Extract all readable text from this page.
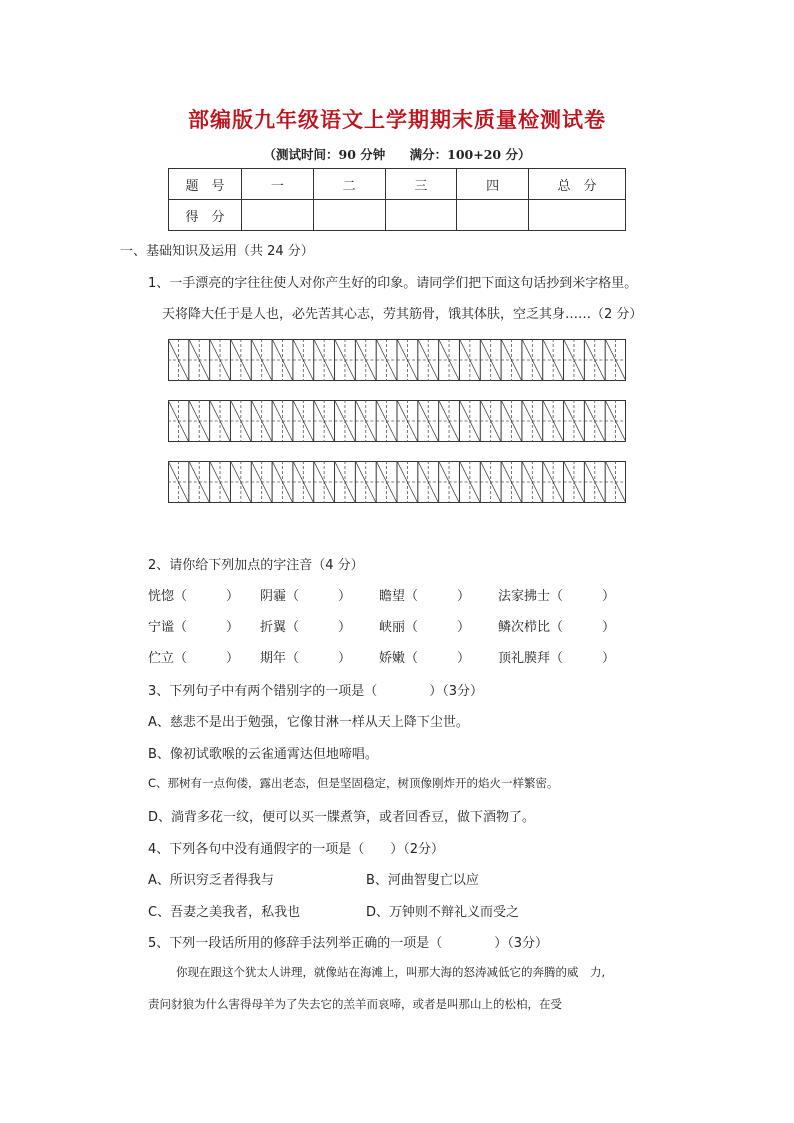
部编版九年级语文上学期期末质量检测试卷
（测试时间：90 分钟 满分：100+20 分）
题　号	一	二	三	四	总　分
得　分					
一、基础知识及运用（共 24 分）
1、一手漂亮的字往往使人对你产生好的印象。请同学们把下面这句话抄到米字格里。
天将降大任于是人也，必先苦其心志，劳其筋骨，饿其体肤，空乏其身……（2 分）
2、请你给下列加点的字注音（4 分）
恍惚（　　　） 阴霾（　　　） 瞻望（　　　） 法家拂士（　　　）
宁谧（　　　） 折翼（　　　） 峡丽（　　　） 鳞次栉比（　　　）
伫立（　　　） 期年（　　　） 娇嫩（　　　） 顶礼膜拜（　　　）
3、下列句子中有两个错别字的一项是（　　　　）（3分）
A、慈悲不是出于勉强，它像甘淋一样从天上降下尘世。
B、像初试歌喉的云雀通霄达但地啼唱。
C、那树有一点佝偻，露出老态，但是坚固稳定，树顶像刚炸开的焰火一样繁密。
D、淌背多花一纹，便可以买一牒煮笋，或者回香豆，做下酒物了。
4、下列各句中没有通假字的一项是（　　）（2分）
A、所识穷乏者得我与	B、河曲智叟亡以应
C、吾妻之美我者，私我也	D、万钟则不辩礼义而受之
5、下列一段话所用的修辞手法列举正确的一项是（　　　　）（3分）
你现在跟这个犹太人讲理，就像站在海滩上，叫那大海的怒涛减低它的奔腾的威　力,
责问豺狼为什么害得母羊为了失去它的羔羊而哀啼，或者是叫那山上的松柏，在受
